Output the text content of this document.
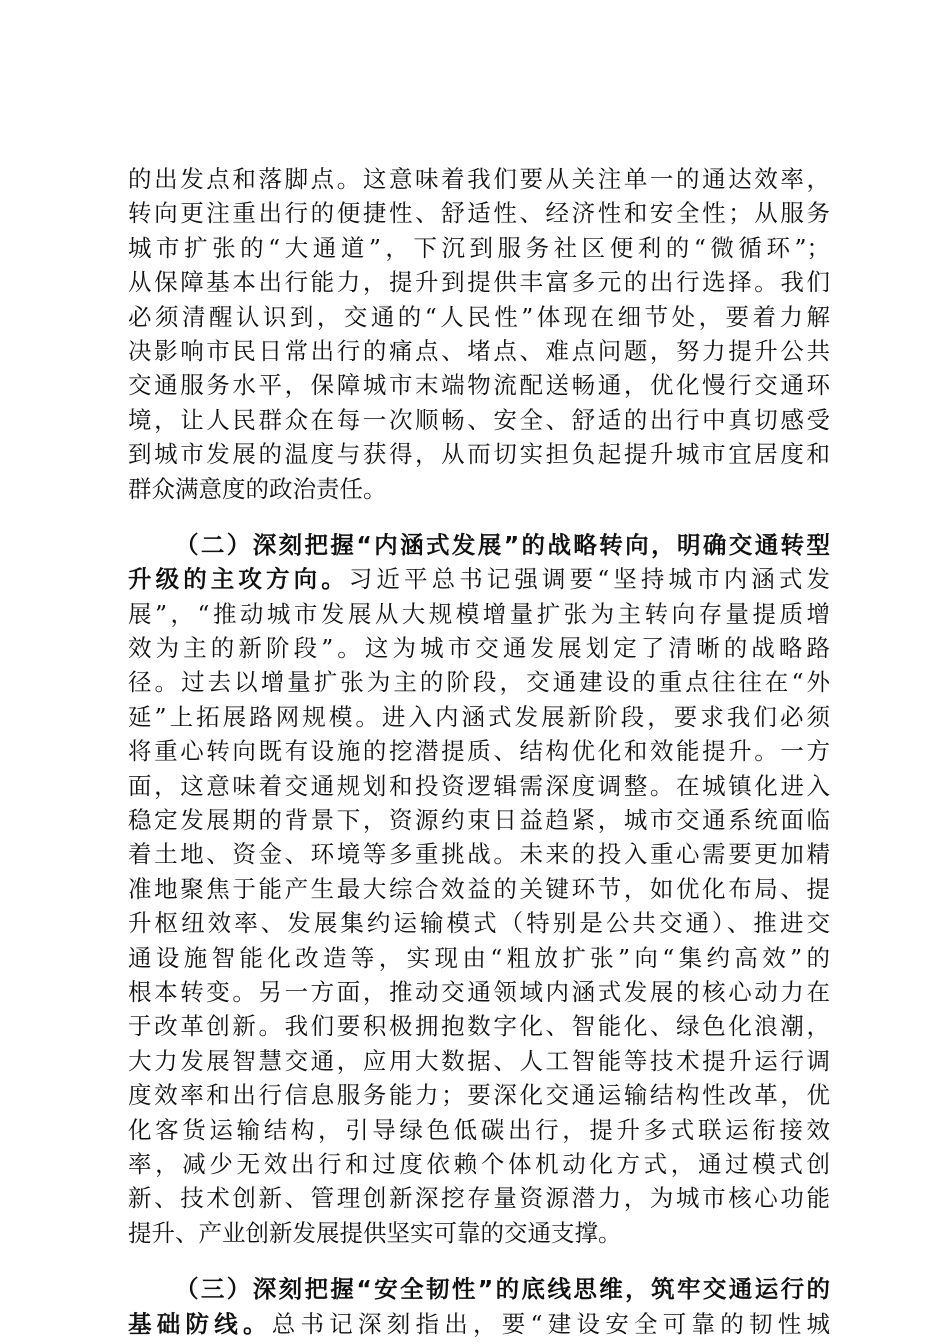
的出发点和落脚点。这意味着我们要从关注单一的通达效率，
转向更注重出行的便捷性、舒适性、经济性和安全性；从服务
城市扩张的“大通道”，下沉到服务社区便利的“微循环”；
从保障基本出行能力，提升到提供丰富多元的出行选择。我们
必须清醒认识到，交通的“人民性”体现在细节处，要着力解
决影响市民日常出行的痛点、堵点、难点问题，努力提升公共
交通服务水平，保障城市末端物流配送畅通，优化慢行交通环
境，让人民群众在每一次顺畅、安全、舒适的出行中真切感受
到城市发展的温度与获得，从而切实担负起提升城市宜居度和
群众满意度的政治责任。
（二）深刻把握“内涵式发展”的战略转向，明确交通转型
升级的主攻方向。习近平总书记强调要“坚持城市内涵式发
展”，“推动城市发展从大规模增量扩张为主转向存量提质增
效为主的新阶段”。这为城市交通发展划定了清晰的战略路
径。过去以增量扩张为主的阶段，交通建设的重点往往在“外
延”上拓展路网规模。进入内涵式发展新阶段，要求我们必须
将重心转向既有设施的挖潜提质、结构优化和效能提升。一方
面，这意味着交通规划和投资逻辑需深度调整。在城镇化进入
稳定发展期的背景下，资源约束日益趋紧，城市交通系统面临
着土地、资金、环境等多重挑战。未来的投入重心需要更加精
准地聚焦于能产生最大综合效益的关键环节，如优化布局、提
升枢纽效率、发展集约运输模式（特别是公共交通）、推进交
通设施智能化改造等，实现由“粗放扩张”向“集约高效”的
根本转变。另一方面，推动交通领域内涵式发展的核心动力在
于改革创新。我们要积极拥抱数字化、智能化、绿色化浪潮，
大力发展智慧交通，应用大数据、人工智能等技术提升运行调
度效率和出行信息服务能力；要深化交通运输结构性改革，优
化客货运输结构，引导绿色低碳出行，提升多式联运衔接效
率，减少无效出行和过度依赖个体机动化方式，通过模式创
新、技术创新、管理创新深挖存量资源潜力，为城市核心功能
提升、产业创新发展提供坚实可靠的交通支撑。
（三）深刻把握“安全韧性”的底线思维，筑牢交通运行的
基础防线。总书记深刻指出，要“建设安全可靠的韧性城
